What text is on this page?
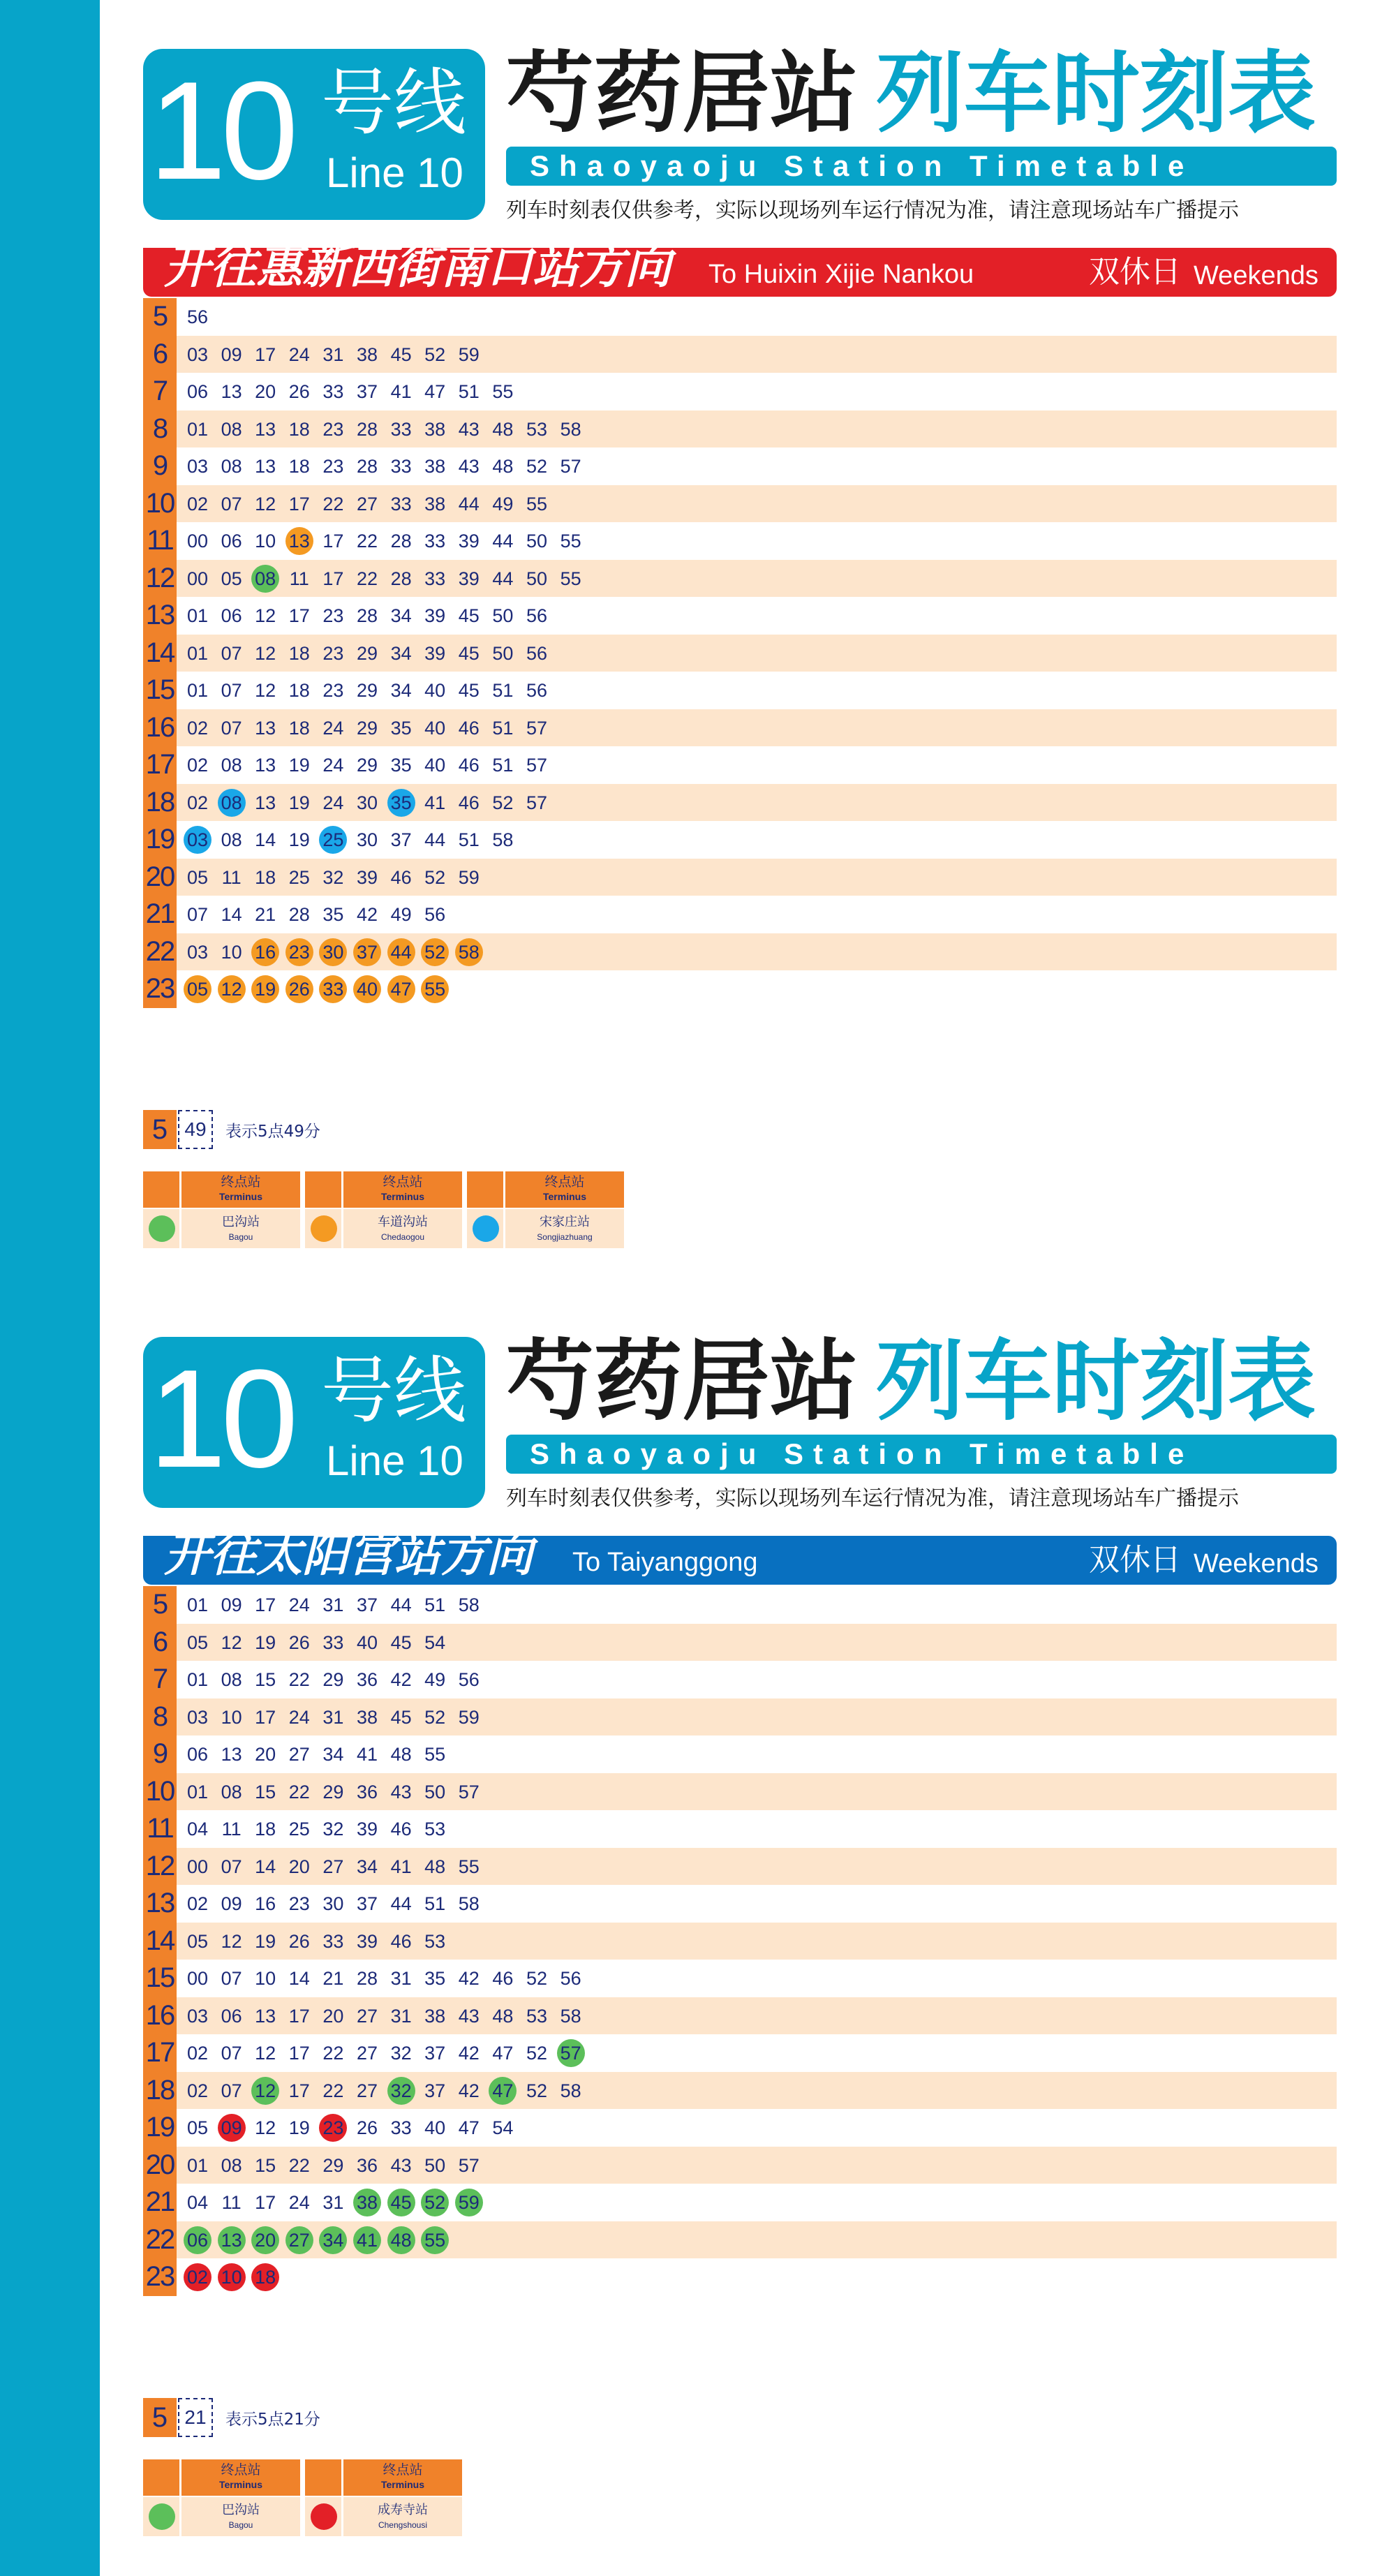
10 号线
Line 10
芍药居站 列车时刻表
Shaoyaoju Station Timetable
列车时刻表仅供参考，实际以现场列车运行情况为准，请注意现场站车广播提示
开往惠新西街南口站方向 To Huixin Xijie Nankou	双休日 Weekends
5	56
6	03 09 17 24 31 38 45 52 59
7	06 13 20 26 33 37 41 47 51 55
8	01 08 13 18 23 28 33 38 43 48 53 58
9	03 08 13 18 23 28 33 38 43 48 52 57
10 02 07 12 17 22 27 33 38 44 49 55
11 00 06 10 13 17 22 28 33 39 44 50 55
12 00 05 08 11 17 22 28 33 39 44 50 55
13 01 06 12 17 23 28 34 39 45 50 56
14 01 07 12 18 23 29 34 39 45 50 56
15 01 07 12 18 23 29 34 40 45 51 56
16 02 07 13 18 24 29 35 40 46 51 57
17 02 08 13 19 24 29 35 40 46 51 57
18 02 08 13 19 24 30 35 41 46 52 57
19 03 08 14 19 25 30 37 44 51 58
20 05 11 18 25 32 39 46 52 59
21 07 14 21 28 35 42 49 56
22 03 10 16 23 30 37 44 52 58
23 05 12 19 26 33 40 47 55
5 49	表示5点49分
终点站
Terminus
巴沟站
Bagou
终点站
Terminus
车道沟站
Chedaogou
终点站
Terminus
宋家庄站
Songjiazhuang
10 号线
Line 10
芍药居站 列车时刻表
Shaoyaoju Station Timetable
列车时刻表仅供参考，实际以现场列车运行情况为准，请注意现场站车广播提示
开往太阳宫站方向 To Taiyanggong	双休日 Weekends
5	01 09 17 24 31 37 44 51 58
6	05 12 19 26 33 40 45 54
7	01 08 15 22 29 36 42 49 56
8	03 10 17 24 31 38 45 52 59
9	06 13 20 27 34 41 48 55
10 01 08 15 22 29 36 43 50 57
11 04 11 18 25 32 39 46 53
12 00 07 14 20 27 34 41 48 55
13 02 09 16 23 30 37 44 51 58
14 05 12 19 26 33 39 46 53
15 00 07 10 14 21 28 31 35 42 46 52 56
16 03 06 13 17 20 27 31 38 43 48 53 58
17 02 07 12 17 22 27 32 37 42 47 52 57
18 02 07 12 17 22 27 32 37 42 47 52 58
19 05 09 12 19 23 26 33 40 47 54
20 01 08 15 22 29 36 43 50 57
21 04 11 17 24 31 38 45 52 59
22 06 13 20 27 34 41 48 55
23 02 10 18
5 21	表示5点21分
终点站
Terminus
巴沟站
Bagou
终点站
Terminus
成寿寺站
Chengshousi
